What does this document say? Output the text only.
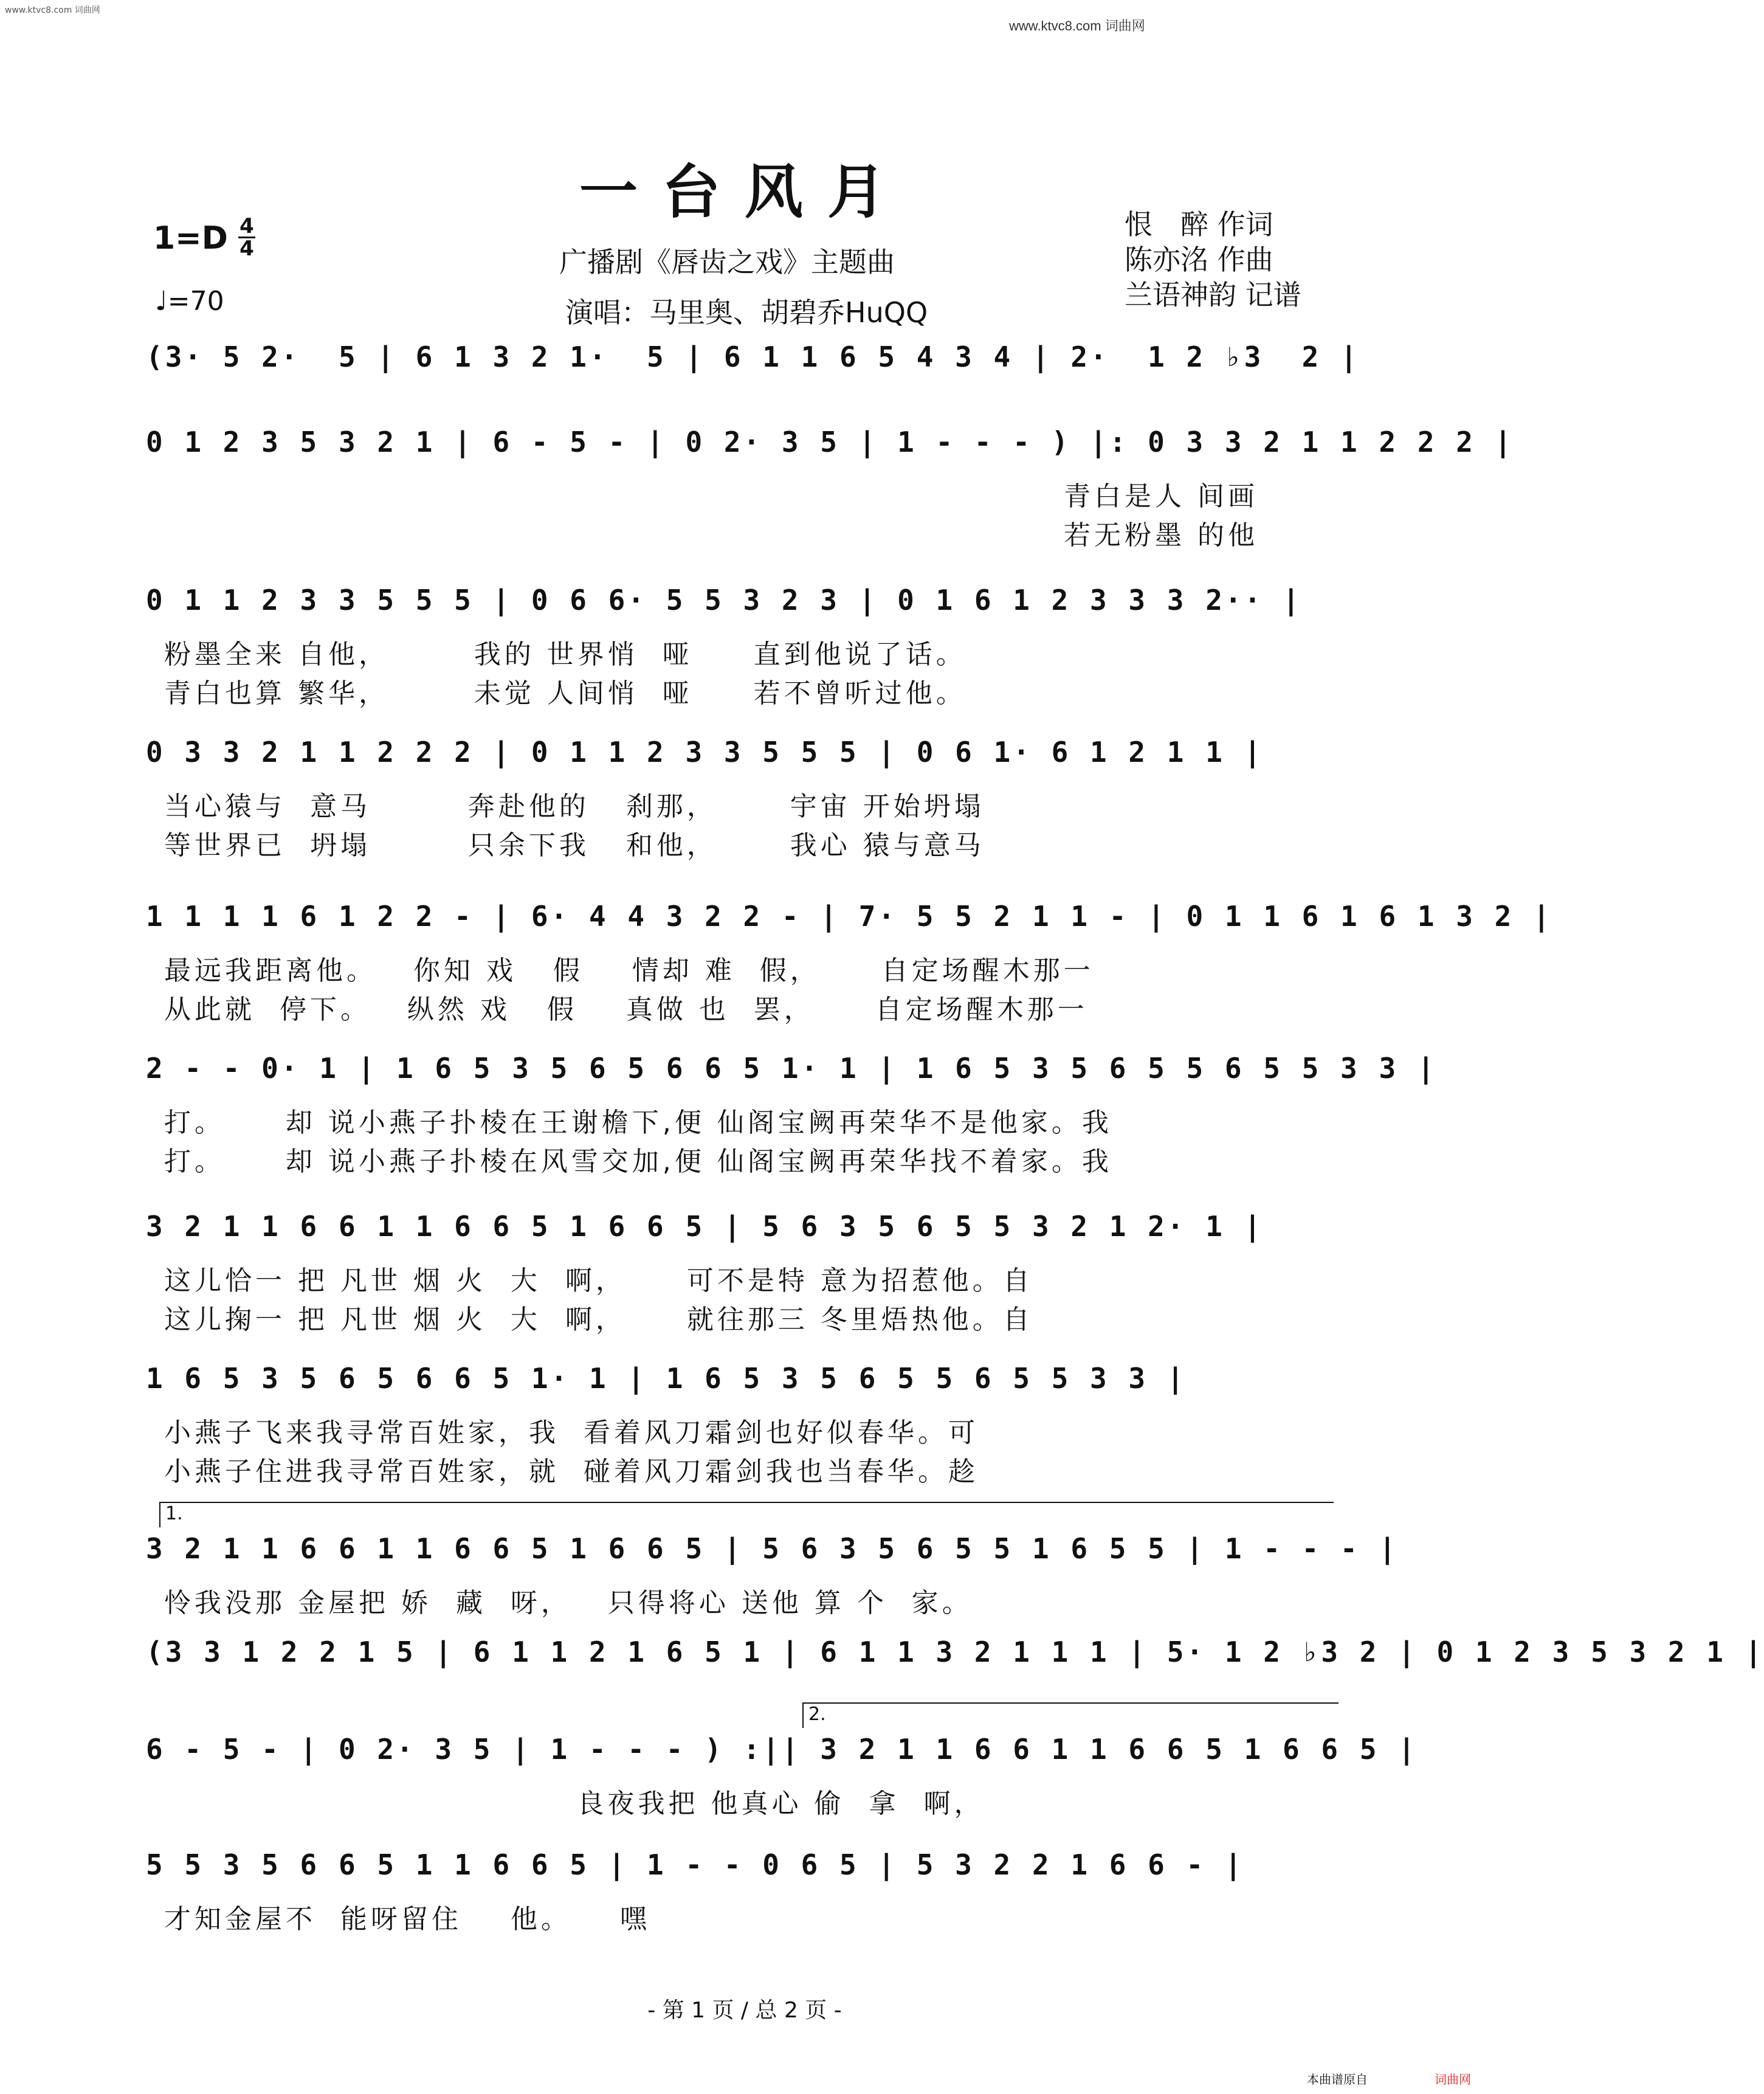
www.ktvc8.com 词曲网
www.ktvc8.com 词曲网
一台风月
广播剧《唇齿之戏》主题曲
演唱：马里奥、胡碧乔HuQQ
1=D 4
4
♩=70
恨　醉 作词
陈亦洺 作曲
兰语神韵 记谱
(3· 5 2·  5 | 6 1 3 2 1·  5 | 6 1 1 6 5 4 3 4 | 2·  1 2 ♭3  2 |
0 1 2 3 5 3 2 1 | 6 - 5 - | 0 2· 3 5 | 1 - - - ) |: 0 3 3 2 1 1 2 2 2 |
青白是人 间画
若无粉墨 的他
0 1 1 2 3 3 5 5 5 | 0 6 6· 5 5 3 2 3 | 0 1 6 1 2 3 3 3 2·· |
粉墨全来 自他，       我的 世界悄  哑     直到他说了话。
青白也算 繁华，       未觉 人间悄  哑     若不曾听过他。
0 3 3 2 1 1 2 2 2 | 0 1 1 2 3 3 5 5 5 | 0 6 1· 6 1 2 1 1 |
当心猿与  意马        奔赴他的   刹那，      宇宙 开始坍塌
等世界已  坍塌        只余下我   和他，      我心 猿与意马
1 1 1 1 6 1 2 2 - | 6· 4 4 3 2 2 - | 7· 5 5 2 1 1 - | 0 1 1 6 1 6 1 3 2 |
最远我距离他。   你知 戏   假    情却 难  假，     自定场醒木那一
从此就  停下。   纵然 戏   假    真做 也  罢，     自定场醒木那一
2 - - 0· 1 | 1 6 5 3 5 6 5 6 6 5 1· 1 | 1 6 5 3 5 6 5 5 6 5 5 3 3 |
打。     却 说小燕子扑棱在王谢檐下,便 仙阁宝阙再荣华不是他家。我
打。     却 说小燕子扑棱在风雪交加,便 仙阁宝阙再荣华找不着家。我
3 2 1 1 6 6 1 1 6 6 5 1 6 6 5 | 5 6 3 5 6 5 5 3 2 1 2· 1 |
这儿恰一 把 凡世 烟 火  大  啊，     可不是特 意为招惹他。自
这儿掬一 把 凡世 烟 火  大  啊，     就往那三 冬里焐热他。自
1 6 5 3 5 6 5 6 6 5 1· 1 | 1 6 5 3 5 6 5 5 6 5 5 3 3 |
小燕子飞来我寻常百姓家，我  看着风刀霜剑也好似春华。可
小燕子住进我寻常百姓家，就  碰着风刀霜剑我也当春华。趁
3 2 1 1 6 6 1 1 6 6 5 1 6 6 5 | 5 6 3 5 6 5 5 1 6 5 5 | 1 - - - |
怜我没那 金屋把 娇  藏  呀，   只得将心 送他 算 个  家。
(3 3 1 2 2 1 5 | 6 1 1 2 1 6 5 1 | 6 1 1 3 2 1 1 1 | 5· 1 2 ♭3 2 | 0 1 2 3 5 3 2 1 |
6 - 5 - | 0 2· 3 5 | 1 - - - ) :|| 3 2 1 1 6 6 1 1 6 6 5 1 6 6 5 |
良夜我把 他真心 偷  拿  啊，
5 5 3 5 6 6 5 1 1 6 6 5 | 1 - - 0 6 5 | 5 3 2 2 1 6 6 - |
才知金屋不  能呀留住    他。    嘿
- 第 1 页 / 总 2 页 -
本曲谱原自	词曲网
1.
2.
